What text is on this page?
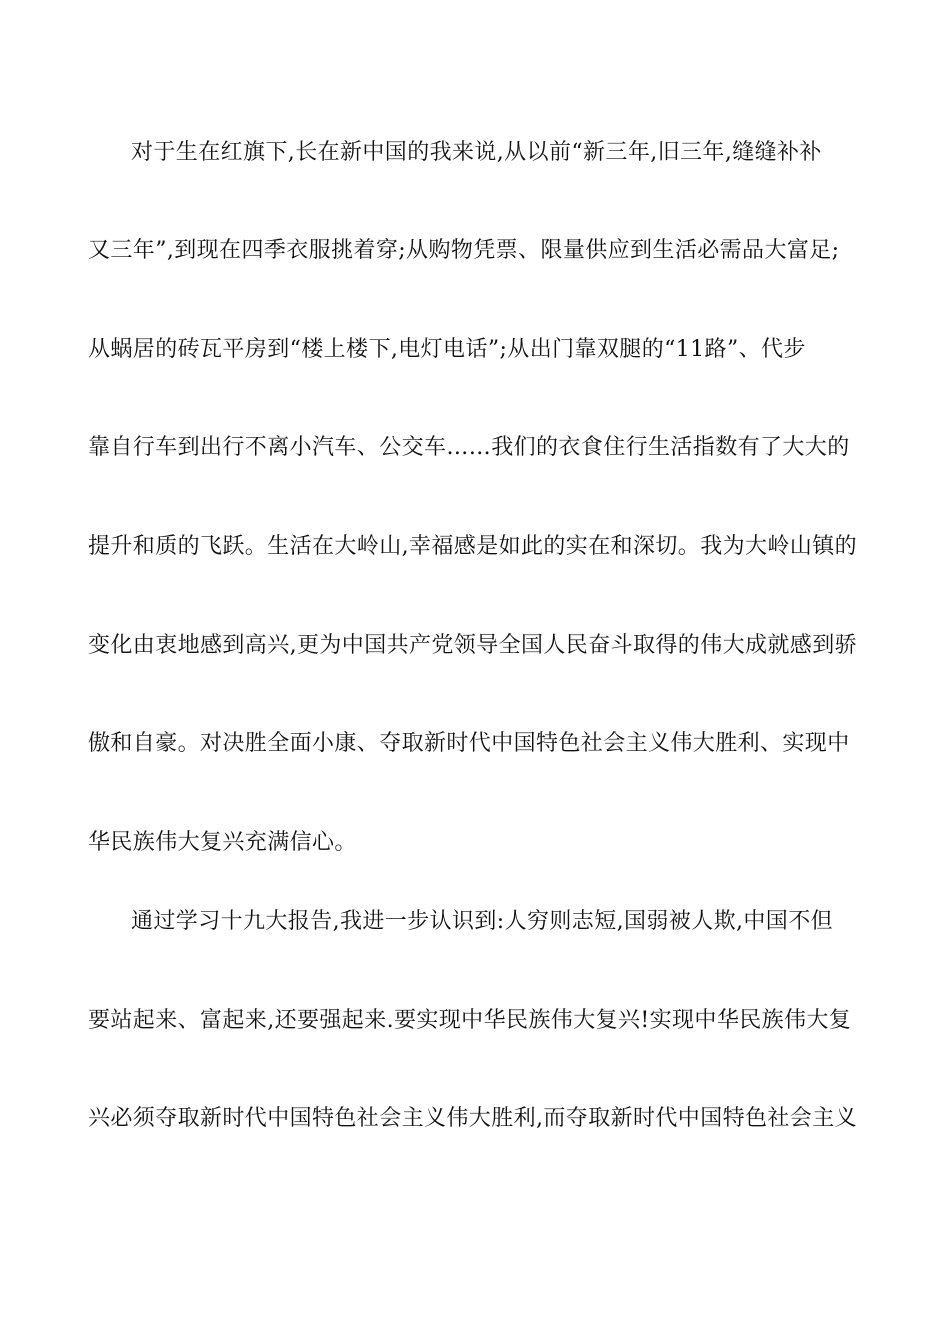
对于生在红旗下,长在新中国的我来说,从以前“新三年,旧三年,缝缝补补
又三年”,到现在四季衣服挑着穿;从购物凭票、限量供应到生活必需品大富足;
从蜗居的砖瓦平房到“楼上楼下,电灯电话”;从出门靠双腿的“11路”、代步
靠自行车到出行不离小汽车、公交车……我们的衣食住行生活指数有了大大的
提升和质的飞跃。生活在大岭山,幸福感是如此的实在和深切。我为大岭山镇的
变化由衷地感到高兴,更为中国共产党领导全国人民奋斗取得的伟大成就感到骄
傲和自豪。对决胜全面小康、夺取新时代中国特色社会主义伟大胜利、实现中
华民族伟大复兴充满信心。
通过学习十九大报告,我进一步认识到:人穷则志短,国弱被人欺,中国不但
要站起来、富起来,还要强起来.要实现中华民族伟大复兴!实现中华民族伟大复
兴必须夺取新时代中国特色社会主义伟大胜利,而夺取新时代中国特色社会主义
